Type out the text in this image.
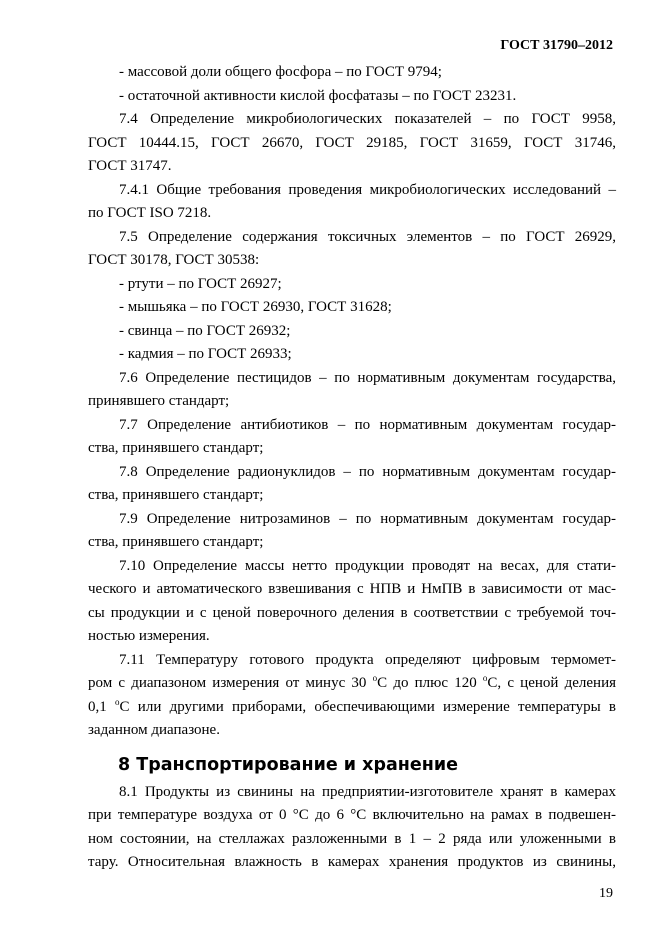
ГОСТ 31790–2012

- массовой доли общего фосфора – по ГОСТ 9794;

- остаточной активности кислой фосфатазы – по ГОСТ 23231.

7.4 Определение микробиологических показателей – по ГОСТ 9958,
ГОСТ 10444.15, ГОСТ 26670, ГОСТ 29185, ГОСТ 31659, ГОСТ 31746,
ГОСТ 31747.

7.4.1 Общие требования проведения микробиологических исследований –
по ГОСТ ISO 7218.

7.5 Определение содержания токсичных элементов – по ГОСТ 26929,
ГОСТ 30178, ГОСТ 30538:

- ртути – по ГОСТ 26927;

- мышьяка – по ГОСТ 26930, ГОСТ 31628;

- свинца – по ГОСТ 26932;

- кадмия – по ГОСТ 26933;

7.6 Определение пестицидов – по нормативным документам государства,
принявшего стандарт;

7.7 Определение антибиотиков – по нормативным документам государ-
ства, принявшего стандарт;

7.8 Определение радионуклидов – по нормативным документам государ-
ства, принявшего стандарт;

7.9 Определение нитрозаминов – по нормативным документам государ-
ства, принявшего стандарт;

7.10 Определение массы нетто продукции проводят на весах, для стати-
ческого и автоматического взвешивания с НПВ и НмПВ в зависимости от мас-
сы продукции и с ценой поверочного деления в соответствии с требуемой точ-
ностью измерения.

7.11 Температуру готового продукта определяют цифровым термомет-
ром с диапазоном измерения от минус 30 $^o$С до плюс 120 $^o$С, с ценой деления
0,1 $^o$С или другими приборами, обеспечивающими измерение температуры в
заданном диапазоне.

8 Транспортирование и хранение

8.1 Продукты из свинины на предприятии-изготовителе хранят в камерах
при температуре воздуха от 0 °С до 6 °С включительно на рамах в подвешен-
ном состоянии, на стеллажах разложенными в 1 – 2 ряда или уложенными в
тару. Относительная влажность в камерах хранения продуктов из свинины,

19
